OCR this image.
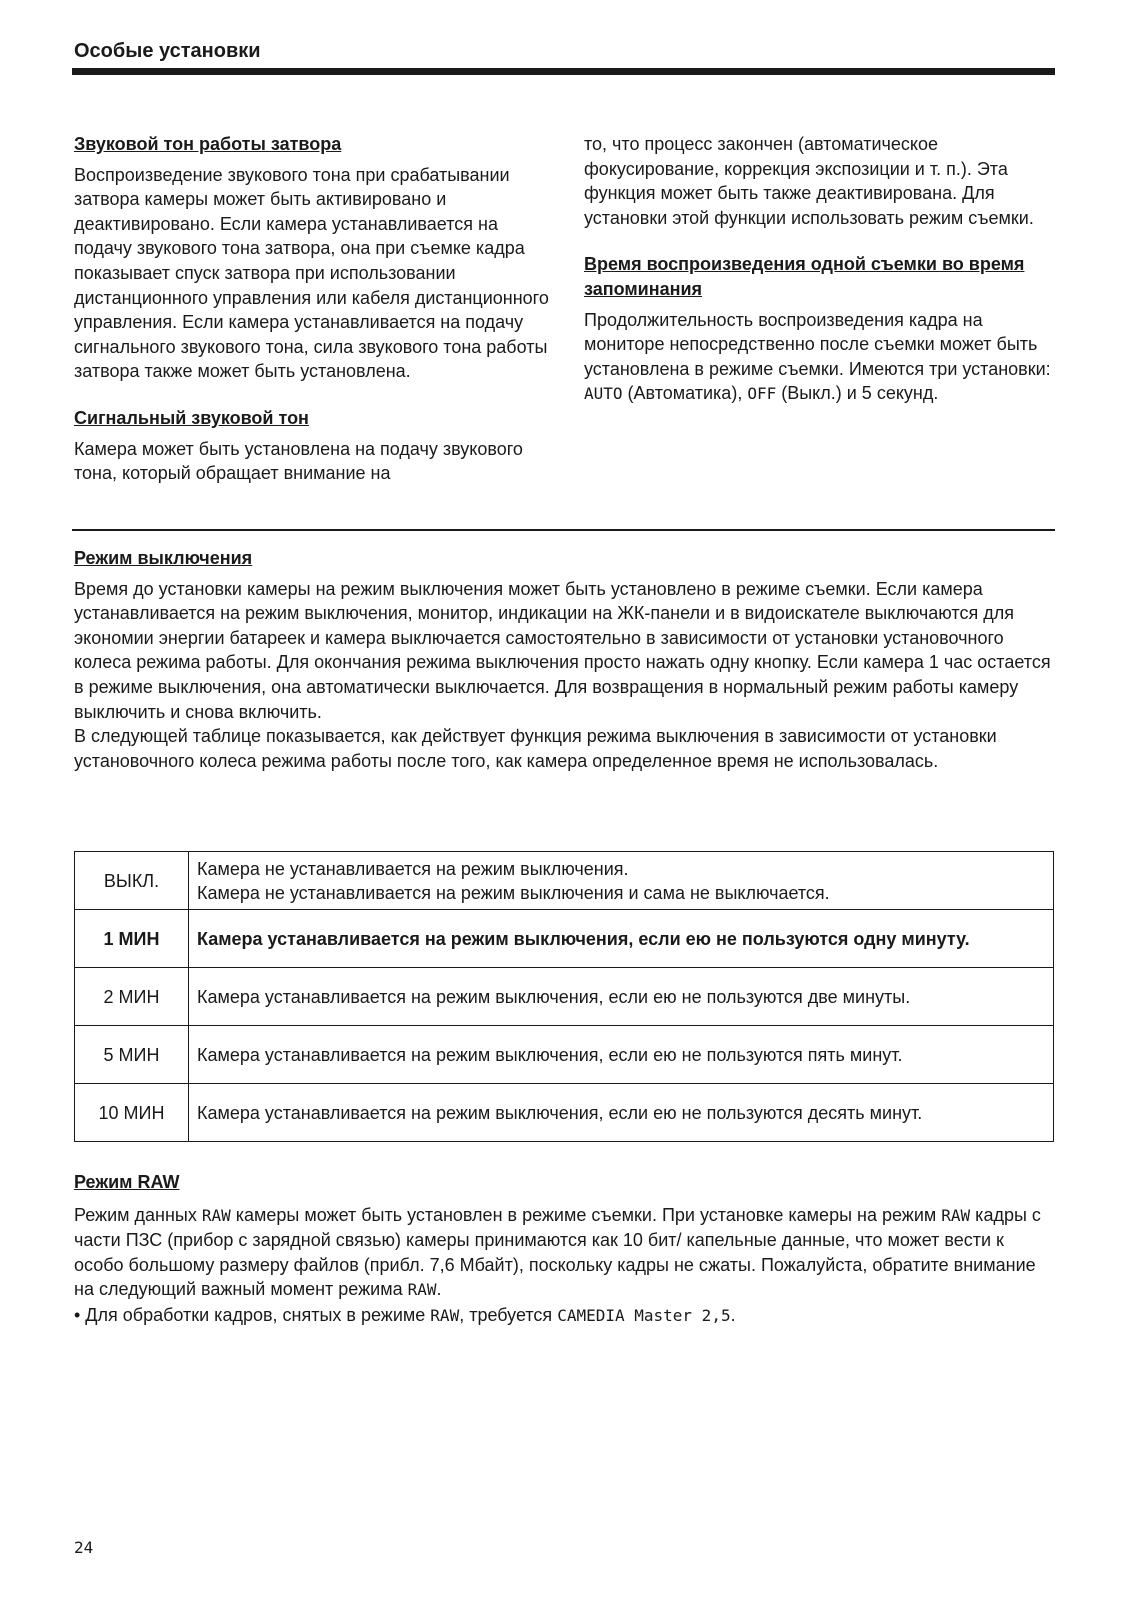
Особые установки

Звуковой тон работы затвора

Воспроизведение звукового тона при срабатывании затвора камеры может быть активировано и деактивировано. Если камера устанавливается на подачу звукового тона затвора, она при съемке кадра показывает спуск затвора при использовании дистанционного управления или кабеля дистанционного управления. Если камера устанавливается на подачу сигнального звукового тона, сила звукового тона работы затвора также может быть установлена.

Сигнальный звуковой тон

Камера может быть установлена на подачу звукового тона, который обращает внимание на

то, что процесс закончен (автоматическое фокусирование, коррекция экспозиции и т. п.). Эта функция может быть также деактивирована. Для установки этой функции использовать режим съемки.

Время воспроизведения одной съемки во время запоминания

Продолжительность воспроизведения кадра на мониторе непосредственно после съемки может быть установлена в режиме съемки. Имеются три установки: AUTO (Автоматика), OFF (Выкл.) и 5 секунд.

Режим выключения

Время до установки камеры на режим выключения может быть установлено в режиме съемки. Если камера устанавливается на режим выключения, монитор, индикации на ЖК-панели и в видоискателе выключаются для экономии энергии батареек и камера выключается самостоятельно в зависимости от установки установочного колеса режима работы. Для окончания режима выключения просто нажать одну кнопку. Если камера 1 час остается в режиме выключения, она автоматически выключается. Для возвращения в нормальный режим работы камеру выключить и снова включить.

В следующей таблице показывается, как действует функция режима выключения в зависимости от установки установочного колеса режима работы после того, как камера определенное время не использовалась.

ВЫКЛ.	Камера не устанавливается на режим выключения.
Камера не устанавливается на режим выключения и сама не выключается.

1 МИН	Камера устанавливается на режим выключения, если ею не пользуются одну минуту.
2 МИН	Камера устанавливается на режим выключения, если ею не пользуются две минуты.
5 МИН	Камера устанавливается на режим выключения, если ею не пользуются пять минут.
10 МИН	Камера устанавливается на режим выключения, если ею не пользуются десять минут.

Режим RAW

Режим данных RAW камеры может быть установлен в режиме съемки. При установке камеры на режим RAW кадры с части ПЗС (прибор с зарядной связью) камеры принимаются как 10 бит/ капельные данные, что может вести к особо большому размеру файлов (прибл. 7,6 Мбайт), поскольку кадры не сжаты. Пожалуйста, обратите внимание на следующий важный момент режима RAW.

• Для обработки кадров, снятых в режиме RAW, требуется CAMEDIA Master 2,5.

24
